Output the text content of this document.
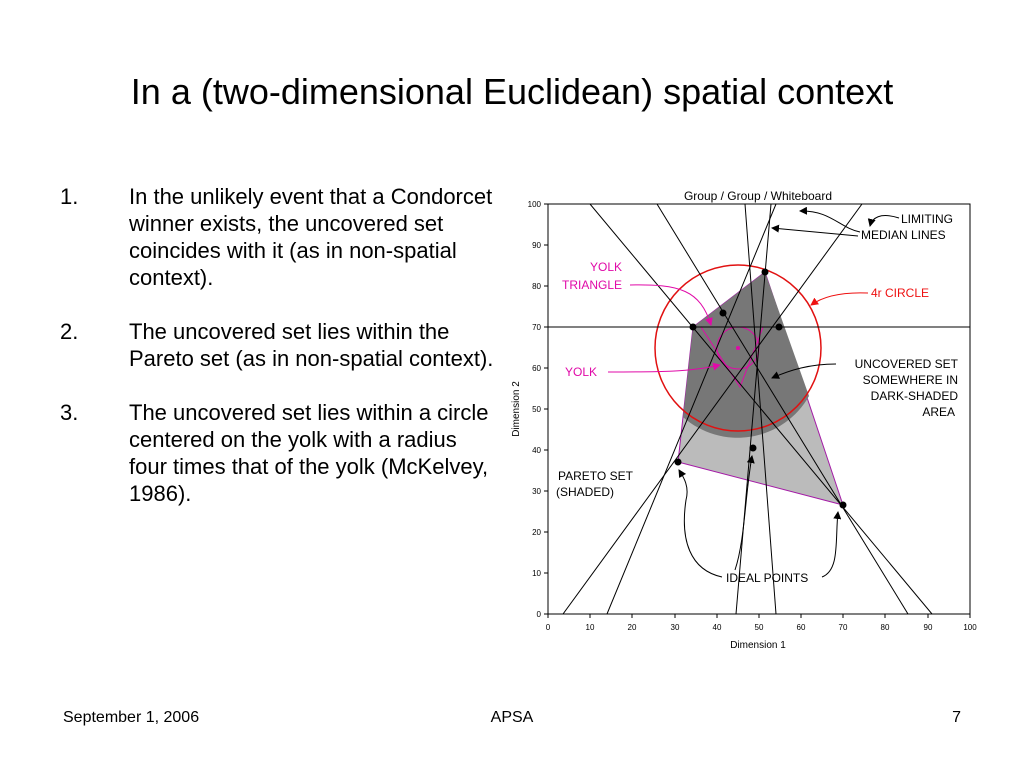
In a (two-dimensional Euclidean) spatial context
1. In the unlikely event that a Condorcet winner exists, the uncovered set coincides with it (as in non-spatial context).
2. The uncovered set lies within the Pareto set (as in non-spatial context).
3. The uncovered set lies within a circle centered on the yolk with a radius four times that of the yolk (McKelvey, 1986).
Group / Group / Whiteboard
0	10	20	30	40	50	60	70	80	90	100
Dimension 1
0
10
20
30
40
50
60
70
80
90
100
Dimension 2
LIMITING
MEDIAN LINES
YOLK
TRIANGLE
YOLK
4r CIRCLE
UNCOVERED SET
SOMEWHERE IN
DARK-SHADED
AREA
PARETO SET
(SHADED)
IDEAL POINTS
September 1, 2006	APSA	7
